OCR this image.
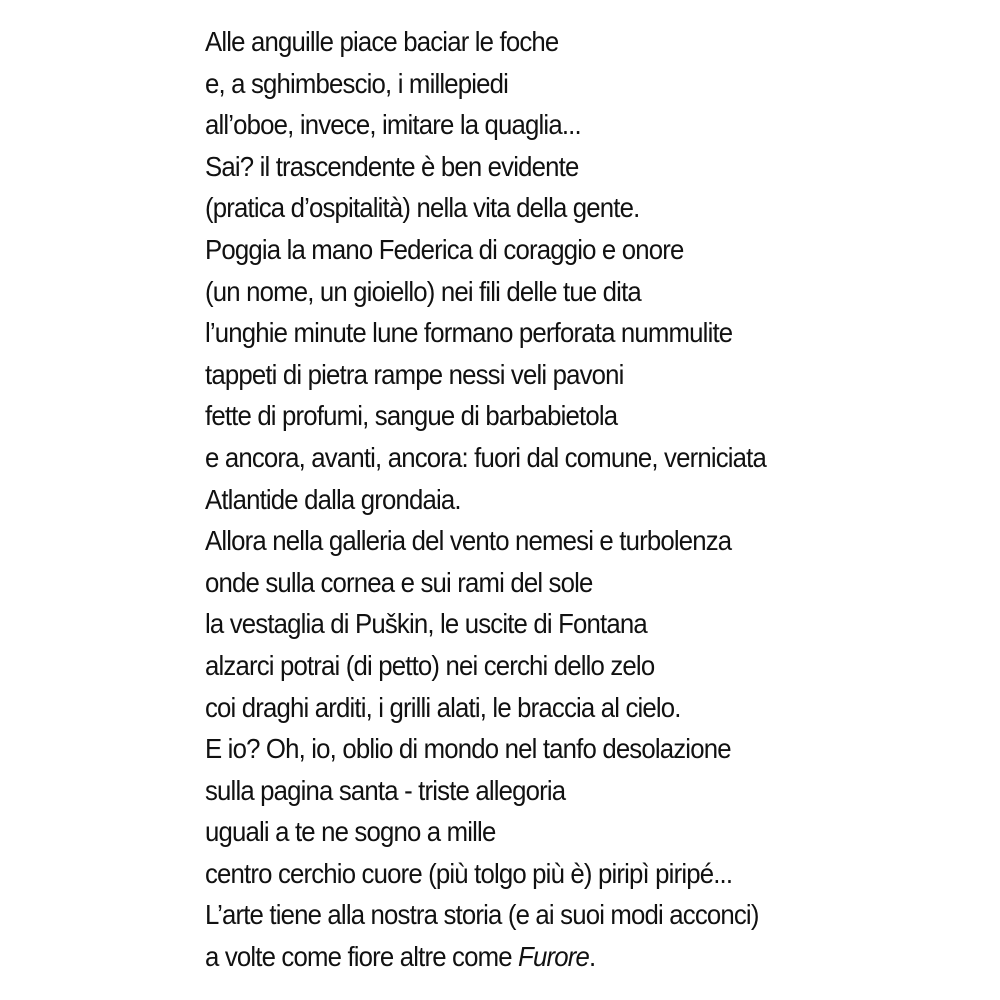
Alle anguille piace baciar le foche
e, a sghimbescio, i millepiedi
all’oboe, invece, imitare la quaglia...
Sai? il trascendente è ben evidente
(pratica d’ospitalità) nella vita della gente.
Poggia la mano Federica di coraggio e onore
(un nome, un gioiello) nei fili delle tue dita
l’unghie minute lune formano perforata nummulite
tappeti di pietra rampe nessi veli pavoni
fette di profumi, sangue di barbabietola
e ancora, avanti, ancora: fuori dal comune, verniciata
Atlantide dalla grondaia.
Allora nella galleria del vento nemesi e turbolenza
onde sulla cornea e sui rami del sole
la vestaglia di Puškin, le uscite di Fontana
alzarci potrai (di petto) nei cerchi dello zelo
coi draghi arditi, i grilli alati, le braccia al cielo.
E io? Oh, io, oblio di mondo nel tanfo desolazione
sulla pagina santa - triste allegoria
uguali a te ne sogno a mille
centro cerchio cuore (più tolgo più è) piripì piripé...
L’arte tiene alla nostra storia (e ai suoi modi acconci)
a volte come fiore altre come Furore.
